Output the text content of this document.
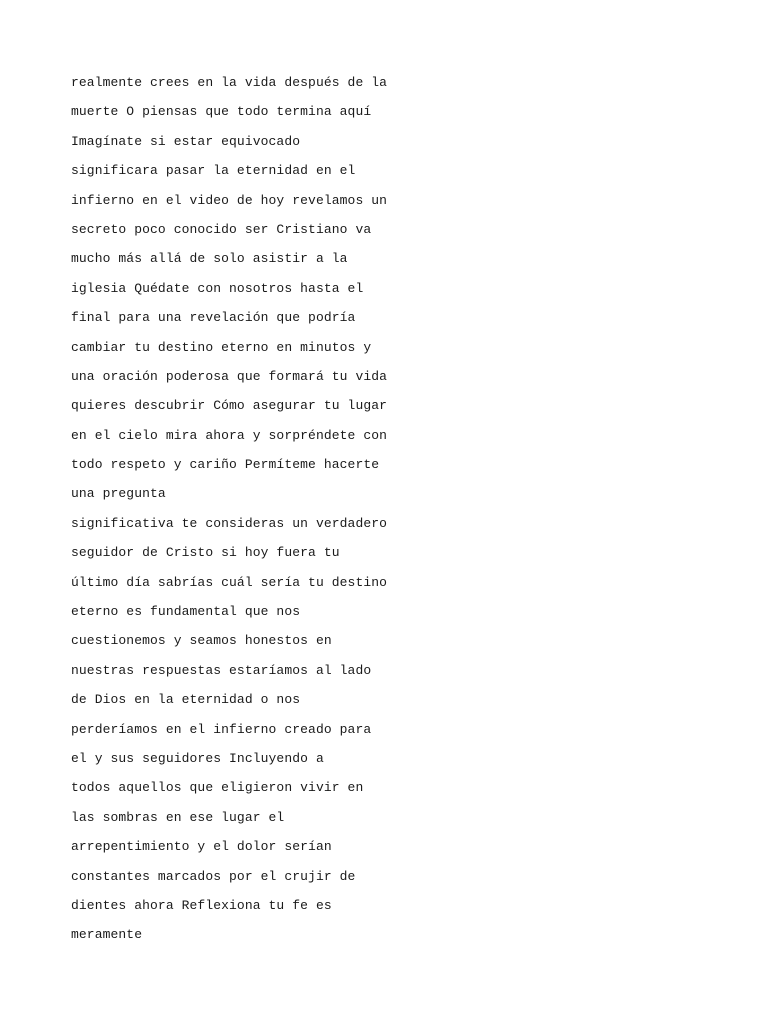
realmente crees en la vida después de la
muerte O piensas que todo termina aquí
Imagínate si estar equivocado
significara pasar la eternidad en el
infierno en el video de hoy revelamos un
secreto poco conocido ser Cristiano va
mucho más allá de solo asistir a la
iglesia Quédate con nosotros hasta el
final para una revelación que podría
cambiar tu destino eterno en minutos y
una oración poderosa que formará tu vida
quieres descubrir Cómo asegurar tu lugar
en el cielo mira ahora y sorpréndete con
todo respeto y cariño Permíteme hacerte
una pregunta
significativa te consideras un verdadero
seguidor de Cristo si hoy fuera tu
último día sabrías cuál sería tu destino
eterno es fundamental que nos
cuestionemos y seamos honestos en
nuestras respuestas estaríamos al lado
de Dios en la eternidad o nos
perderíamos en el infierno creado para
el y sus seguidores Incluyendo a
todos aquellos que eligieron vivir en
las sombras en ese lugar el
arrepentimiento y el dolor serían
constantes marcados por el crujir de
dientes ahora Reflexiona tu fe es
meramente
